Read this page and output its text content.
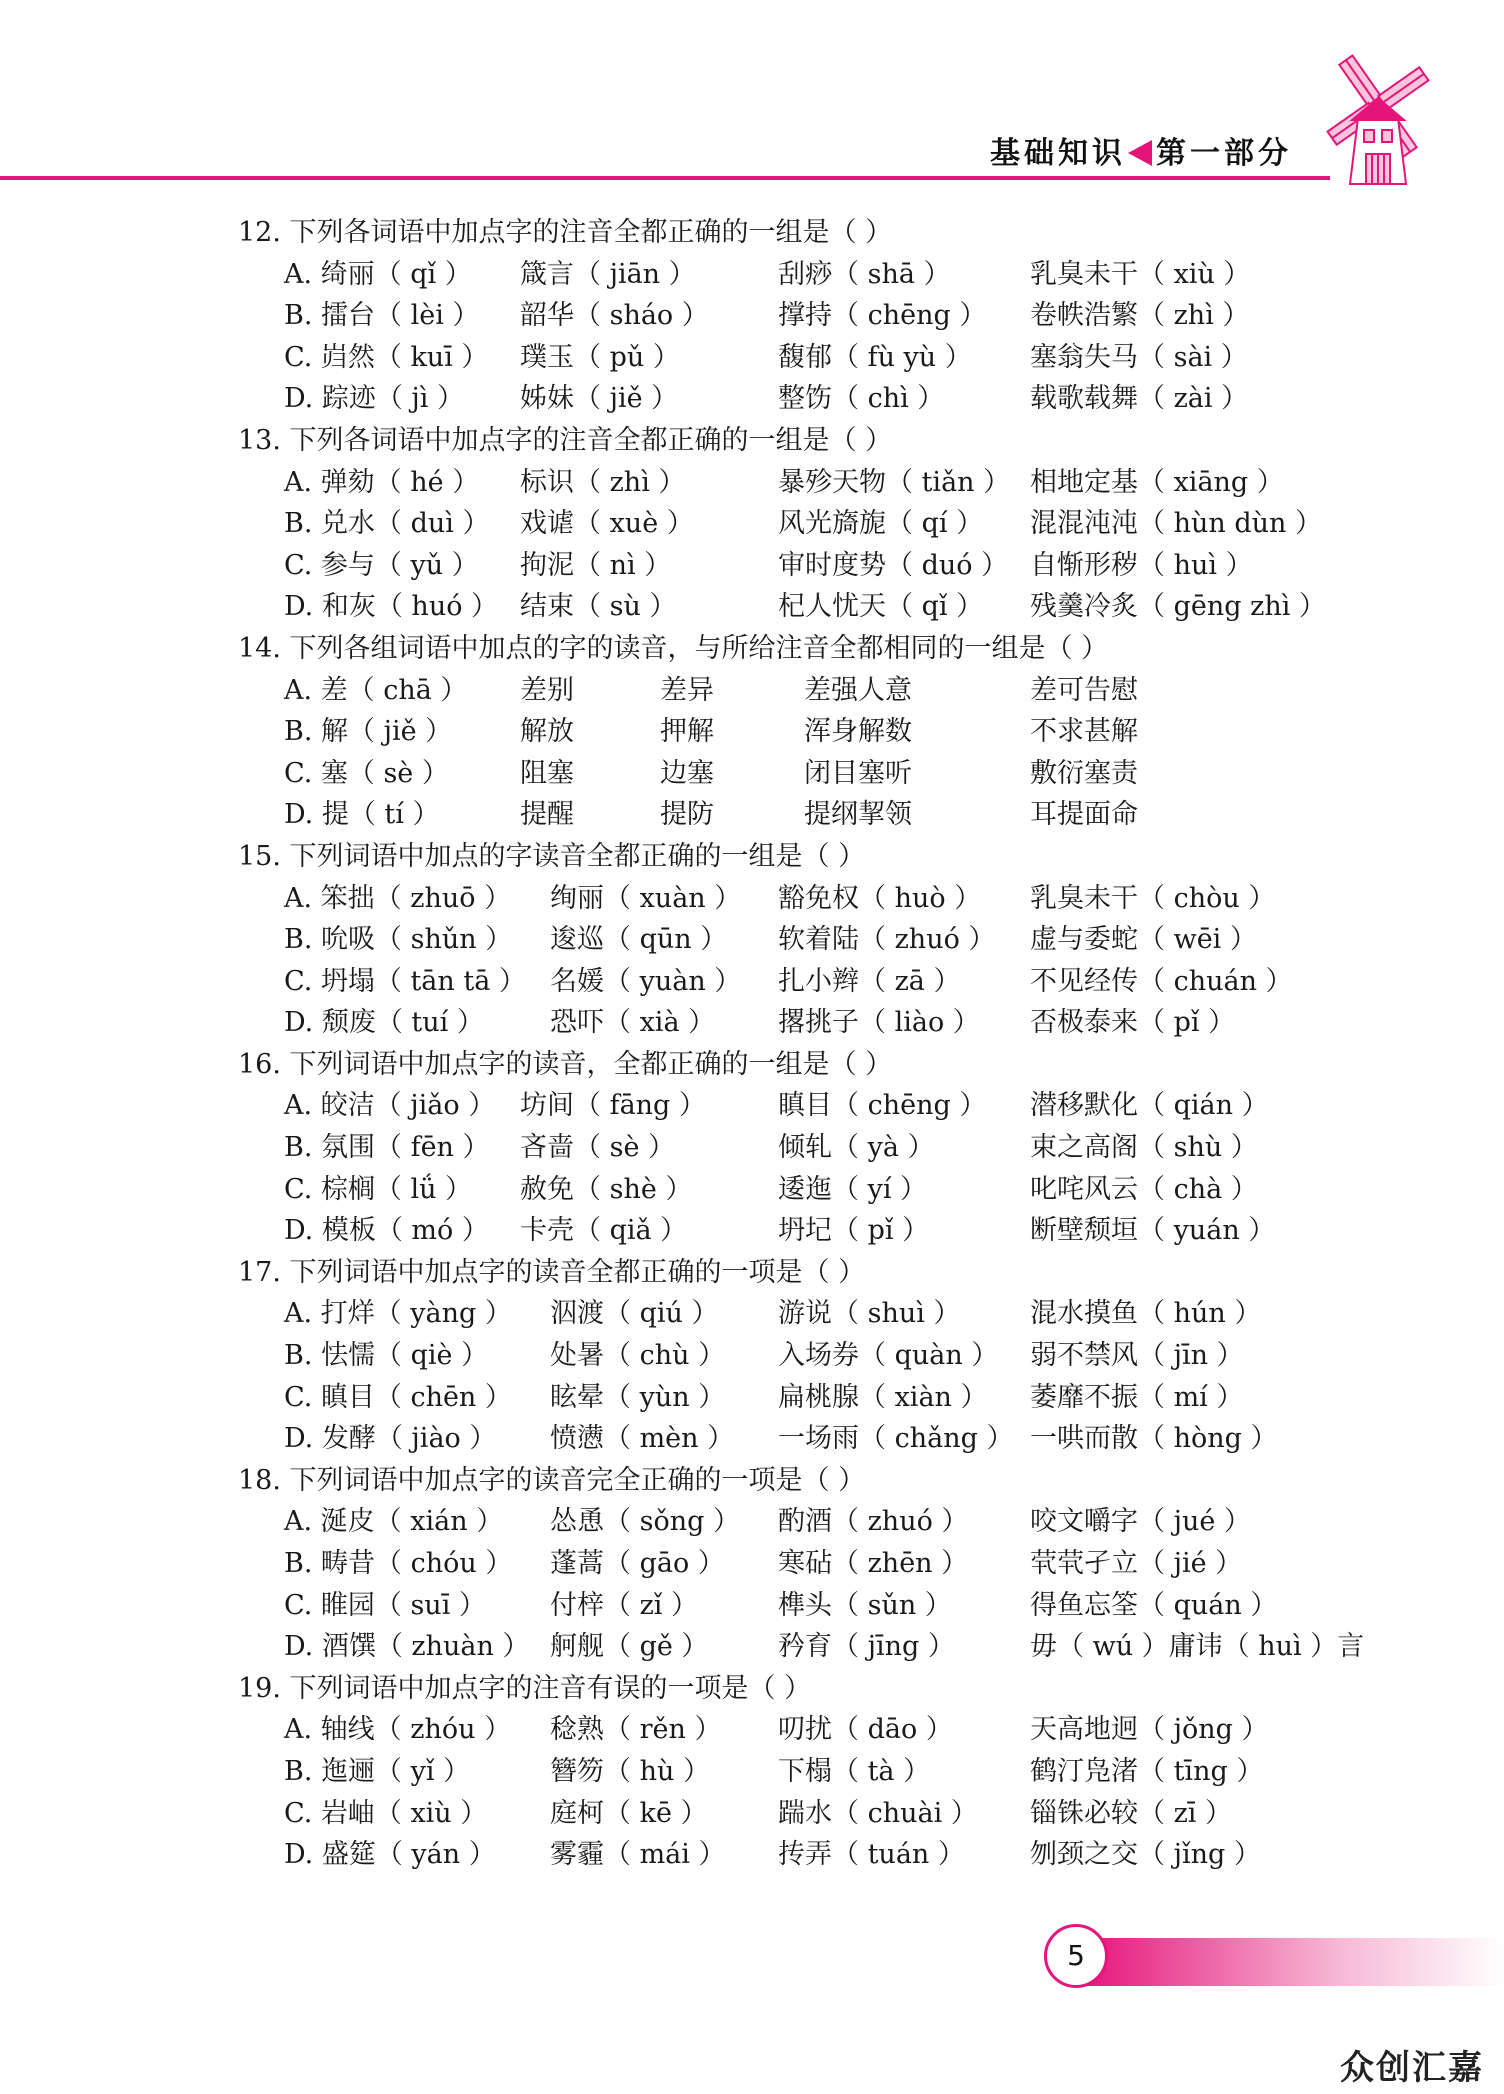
基础知识 第一部分
12. 下列各词语中加点字的注音全都正确的一组是（ ）
A. 绮丽（ qǐ ） 箴言（ jiān ）	刮痧（ shā ）	乳臭未干（ xiù ）
B. 擂台（ lèi ） 韶华（ sháo ）	撑持（ chēng ） 卷帙浩繁（ zhì ）
C. 岿然（ kuī ） 璞玉（ pǔ ）	馥郁（ fù yù ） 塞翁失马（ sài ）
D. 踪迹（ jì ） 姊妹（ jiě ）	整饬（ chì ）	载歌载舞（ zài ）
13. 下列各词语中加点字的注音全都正确的一组是（ ）
A. 弹劾（ hé ） 标识（ zhì ）	暴殄天物（ tiǎn ） 相地定基（ xiāng ）
B. 兑水（ duì ） 戏谑（ xuè ）	风光旖旎（ qí ） 混混沌沌（ hùn dùn ）
C. 参与（ yǔ ） 拘泥（ nì ）	审时度势（ duó ） 自惭形秽（ huì ）
D. 和灰（ huó ） 结束（ sù ）	杞人忧天（ qǐ ） 残羹冷炙（ gēng zhì ）
14. 下列各组词语中加点的字的读音，与所给注音全都相同的一组是（ ）
A. 差（ chā ） 差别	差异	差强人意	差可告慰
B. 解（ jiě ）	解放	押解	浑身解数	不求甚解
C. 塞（ sè ）	阻塞	边塞	闭目塞听	敷衍塞责
D. 提（ tí ）	提醒	提防	提纲挈领	耳提面命
15. 下列词语中加点的字读音全都正确的一组是（ ）
A. 笨拙（ zhuō ） 绚丽（ xuàn ） 豁免权（ huò ） 乳臭未干（ chòu ）
B. 吮吸（ shǔn ） 逡巡（ qūn ） 软着陆（ zhuó ） 虚与委蛇（ wēi ）
C. 坍塌（ tān tā ） 名媛（ yuàn ） 扎小辫（ zā ）	不见经传（ chuán ）
D. 颓废（ tuí ） 恐吓（ xià ） 撂挑子（ liào ） 否极泰来（ pǐ ）
16. 下列词语中加点字的读音，全都正确的一组是（ ）
A. 皎洁（ jiǎo ） 坊间（ fāng ）	瞋目（ chēng ） 潜移默化（ qián ）
B. 氛围（ fēn ） 吝啬（ sè ）	倾轧（ yà ）	束之高阁（ shù ）
C. 棕榈（ lǘ ） 赦免（ shè ）	逶迤（ yí ）	叱咤风云（ chà ）
D. 模板（ mó ） 卡壳（ qiǎ ）	坍圮（ pǐ ）	断壁颓垣（ yuán ）
17. 下列词语中加点字的读音全都正确的一项是（ ）
A. 打烊（ yàng ） 泅渡（ qiú ） 游说（ shuì ）	混水摸鱼（ hún ）
B. 怯懦（ qiè ） 处暑（ chù ） 入场券（ quàn ） 弱不禁风（ jīn ）
C. 瞋目（ chēn ） 眩晕（ yùn ） 扁桃腺（ xiàn ） 萎靡不振（ mí ）
D. 发酵（ jiào ） 愤懑（ mèn ） 一场雨（ chǎng ） 一哄而散（ hòng ）
18. 下列词语中加点字的读音完全正确的一项是（ ）
A. 涎皮（ xián ） 怂恿（ sǒng ） 酌酒（ zhuó ） 咬文嚼字（ jué ）
B. 畴昔（ chóu ） 蓬蒿（ gāo ） 寒砧（ zhēn ） 茕茕孑立（ jié ）
C. 睢园（ suī ） 付梓（ zǐ ）	榫头（ sǔn ）	得鱼忘筌（ quán ）
D. 酒馔（ zhuàn ） 舸舰（ gě ）	矜育（ jīng ）	毋（ wú ）庸讳（ huì ）言
19. 下列词语中加点字的注音有误的一项是（ ）
A. 轴线（ zhóu ） 稔熟（ rěn ） 叨扰（ dāo ）	天高地迥（ jǒng ）
B. 迤逦（ yǐ ）	簪笏（ hù ）	下榻（ tà ）	鹤汀凫渚（ tīng ）
C. 岩岫（ xiù ） 庭柯（ kē ）	踹水（ chuài ） 锱铢必较（ zī ）
D. 盛筵（ yán ） 雾霾（ mái ） 抟弄（ tuán ） 刎颈之交（ jǐng ）
5
众创汇嘉
